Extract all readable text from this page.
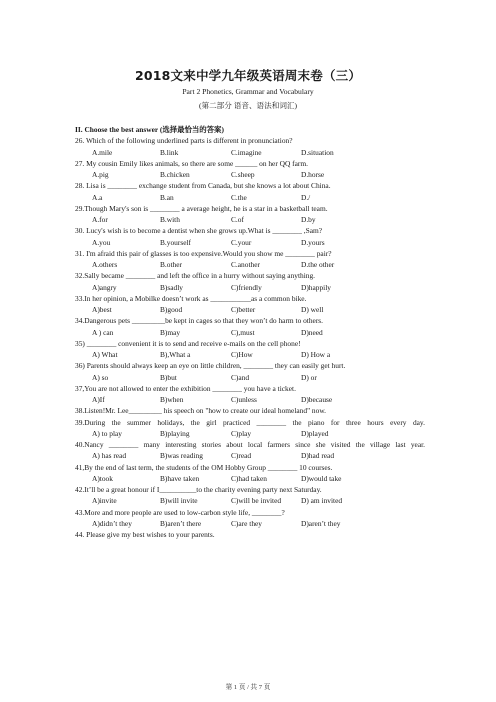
2018文来中学九年级英语周末卷（三）
Part 2 Phonetics, Grammar and Vocabulary
(第二部分 语音、语法和词汇)
II. Choose the best answer (选择最恰当的答案)
26. Which of the following underlined parts is different in pronunciation?
A.mile	B.link	C.imagine	D.situation
27. My cousin Emily likes animals, so there are some ______ on her QQ farm.
A.pig	B.chicken	C.sheep	D.horse
28. Lisa is ________ exchange student from Canada, but she knows a lot about China.
A.a	B.an	C.the	D./
29.Though Mary's son is ________ a average height, he is a star in a basketball team.
A.for	B.with	C.of	D.by
30. Lucy's wish is to become a dentist when she grows up.What is ________ ,Sam?
A.you	B.yourself	C.your	D.yours
31. I'm afraid this pair of glasses is too expensive.Would you show me ________ pair?
A.others	B.other	C.another	D.the other
32.Sally became ________ and left the office in a hurry without saying anything.
A)angry	B)sadly	C)friendly	D)happily
33.In her opinion, a Mobilke doesn’t work as ___________as a common bike.
A)best	B)good	C)better	D) well
34.Dangerous pets _________be kept in cages so that they won’t do harm to others.
A ) can	B)may	C),must	D)need
35) ________ convenient it is to send and receive e-mails on the cell phone!
A) What	B),What a	C)How	D) How a
36) Parents should always keep an eye on little children, ________ they can easily get hurt.
A) so	B)but	C)and	D) or
37,You are not allowed to enter the exhibition ________ you have a ticket.
A)If	B)when	C)unless	D)because
38.Listen!Mr. Lee_________ his speech on "how to create our ideal homeland" now.
39.During the summer holidays, the girl practiced ________ the piano for three hours every day.
A) to play	B)playing	C)play	D)played
40.Nancy ________ many interesting stories about local farmers since she visited the village last year.
A) has read	B)was reading	C)read	D)had read
41,By the end of last term, the students of the OM Hobby Group ________ 10 courses.
A)took	B)have taken	C)had taken	D)would take
42.It’ll be a great honour if I__________to the charity evening party next Saturday.
A)invite	B)will invite	C)will be invited	D) am invited
43.More and more people are used to low-carbon style life, ________?
A)didn’t they	B)aren’t there	C)are they	D)aren’t they
44. Please give my best wishes to your parents.
第 1 页 / 共 7 页
